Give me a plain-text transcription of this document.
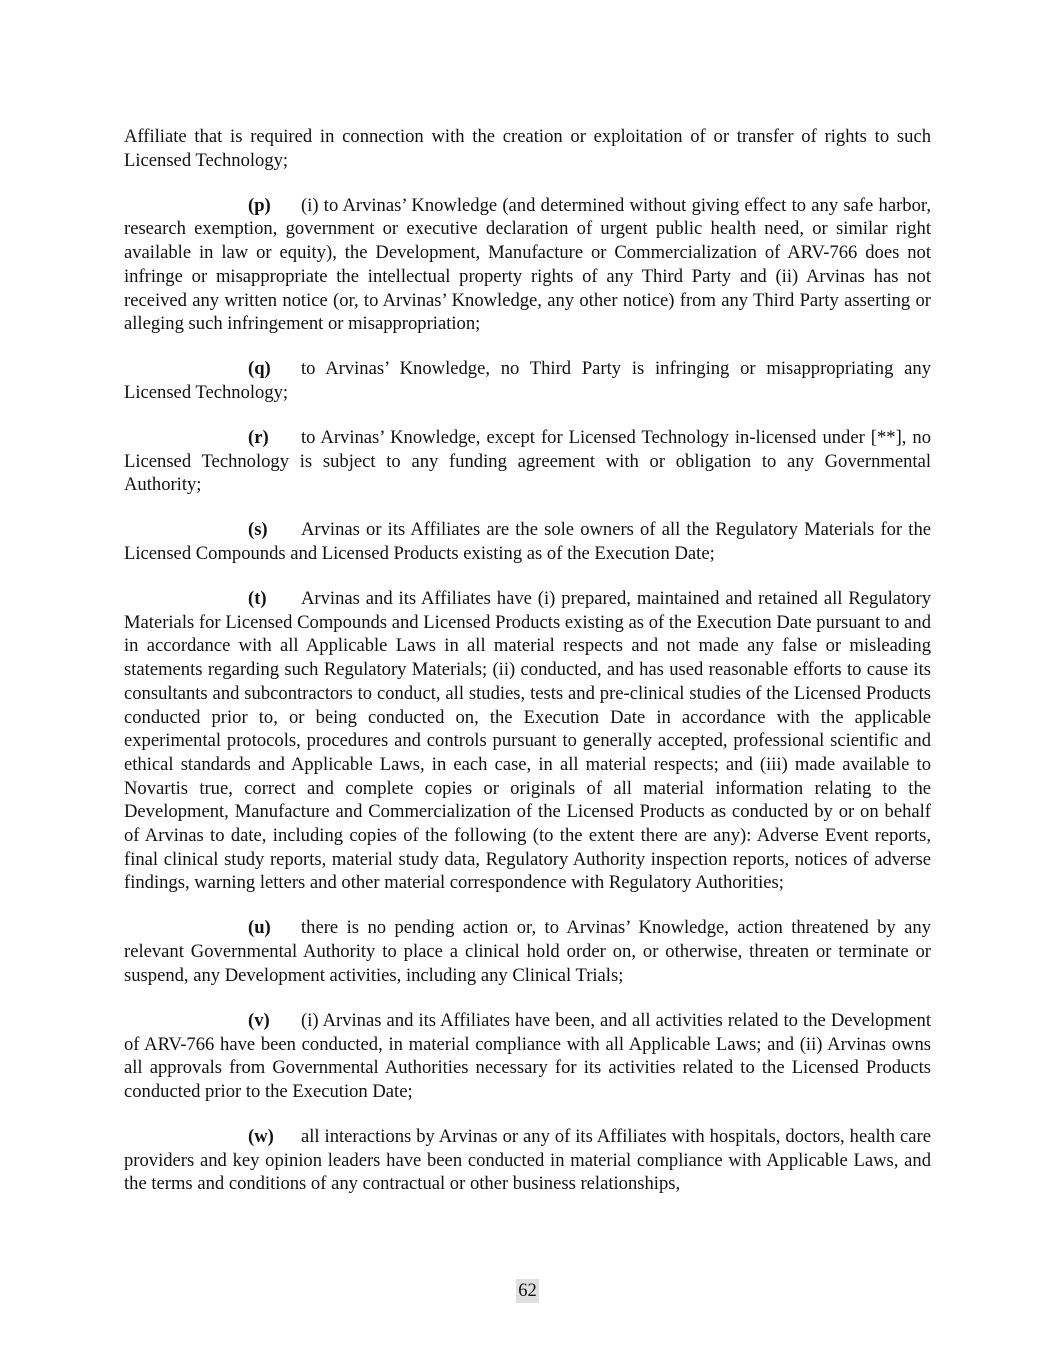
Affiliate that is required in connection with the creation or exploitation of or transfer of rights to such Licensed Technology;

(p) (i) to Arvinas’ Knowledge (and determined without giving effect to any safe harbor, research exemption, government or executive declaration of urgent public health need, or similar right available in law or equity), the Development, Manufacture or Commercialization of ARV-766 does not infringe or misappropriate the intellectual property rights of any Third Party and (ii) Arvinas has not received any written notice (or, to Arvinas’ Knowledge, any other notice) from any Third Party asserting or alleging such infringement or misappropriation;

(q) to Arvinas’ Knowledge, no Third Party is infringing or misappropriating any Licensed Technology;

(r) to Arvinas’ Knowledge, except for Licensed Technology in-licensed under [**], no Licensed Technology is subject to any funding agreement with or obligation to any Governmental Authority;

(s) Arvinas or its Affiliates are the sole owners of all the Regulatory Materials for the Licensed Compounds and Licensed Products existing as of the Execution Date;

(t) Arvinas and its Affiliates have (i) prepared, maintained and retained all Regulatory Materials for Licensed Compounds and Licensed Products existing as of the Execution Date pursuant to and in accordance with all Applicable Laws in all material respects and not made any false or misleading statements regarding such Regulatory Materials; (ii) conducted, and has used reasonable efforts to cause its consultants and subcontractors to conduct, all studies, tests and pre-clinical studies of the Licensed Products conducted prior to, or being conducted on, the Execution Date in accordance with the applicable experimental protocols, procedures and controls pursuant to generally accepted, professional scientific and ethical standards and Applicable Laws, in each case, in all material respects; and (iii) made available to Novartis true, correct and complete copies or originals of all material information relating to the Development, Manufacture and Commercialization of the Licensed Products as conducted by or on behalf of Arvinas to date, including copies of the following (to the extent there are any): Adverse Event reports, final clinical study reports, material study data, Regulatory Authority inspection reports, notices of adverse findings, warning letters and other material correspondence with Regulatory Authorities;

(u) there is no pending action or, to Arvinas’ Knowledge, action threatened by any relevant Governmental Authority to place a clinical hold order on, or otherwise, threaten or terminate or suspend, any Development activities, including any Clinical Trials;

(v) (i) Arvinas and its Affiliates have been, and all activities related to the Development of ARV-766 have been conducted, in material compliance with all Applicable Laws; and (ii) Arvinas owns all approvals from Governmental Authorities necessary for its activities related to the Licensed Products conducted prior to the Execution Date;

(w) all interactions by Arvinas or any of its Affiliates with hospitals, doctors, health care providers and key opinion leaders have been conducted in material compliance with Applicable Laws, and the terms and conditions of any contractual or other business relationships,

62
